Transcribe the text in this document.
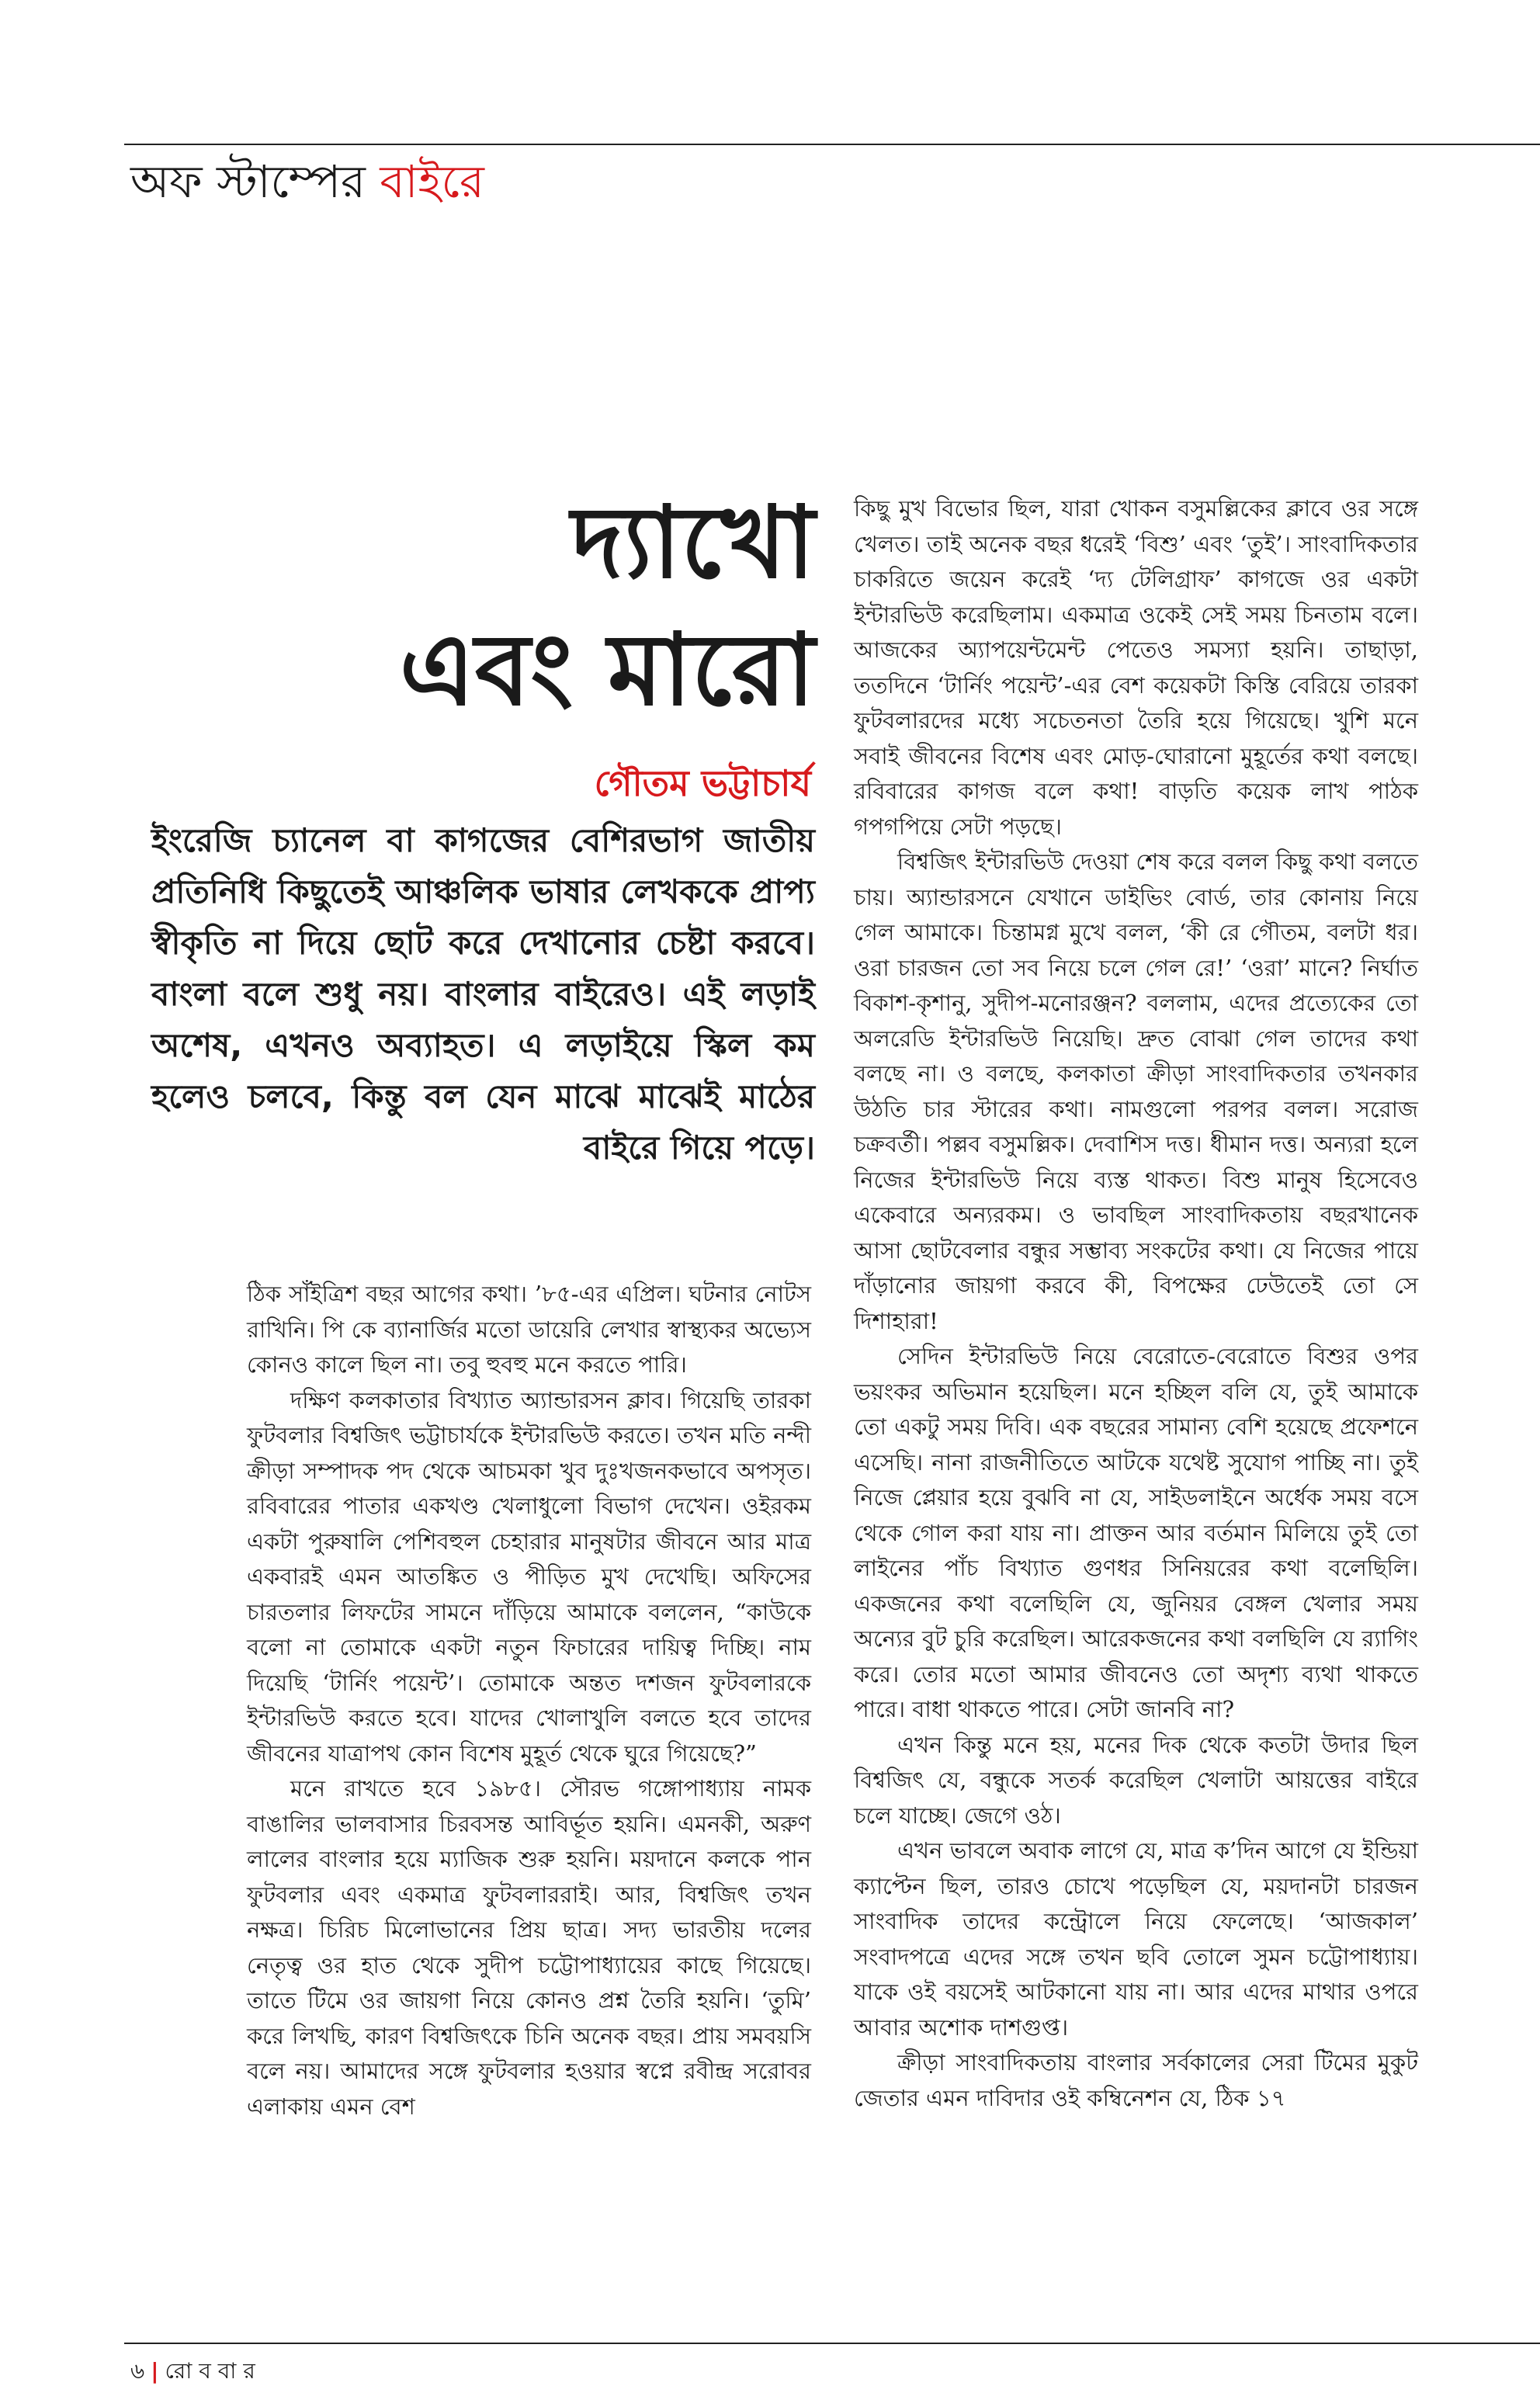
অফ স্টাম্পের বাইরে
দ্যাখো
এবং মারো
গৌতম ভট্টাচার্য
ইংরেজি চ্যানেল বা কাগজের বেশিরভাগ জাতীয় প্রতিনিধি কিছুতেই আঞ্চলিক ভাষার লেখককে প্রাপ্য স্বীকৃতি না দিয়ে ছোট করে দেখানোর চেষ্টা করবে। বাংলা বলে শুধু নয়। বাংলার বাইরেও। এই লড়াই অশেষ, এখনও অব্যাহত। এ লড়াইয়ে স্কিল কম হলেও চলবে, কিন্তু বল যেন মাঝে মাঝেই মাঠের বাইরে গিয়ে পড়ে।

ঠিক সাঁইত্রিশ বছর আগের কথা। ’৮৫-এর এপ্রিল। ঘটনার নোটস রাখিনি। পি কে ব্যানার্জির মতো ডায়েরি লেখার স্বাস্থ্যকর অভ্যেস কোনও কালে ছিল না। তবু হুবহু মনে করতে পারি।

দক্ষিণ কলকাতার বিখ্যাত অ্যান্ডারসন ক্লাব। গিয়েছি তারকা ফুটবলার বিশ্বজিৎ ভট্টাচার্যকে ইন্টারভিউ করতে। তখন মতি নন্দী ক্রীড়া সম্পাদক পদ থেকে আচমকা খুব দুঃখজনকভাবে অপসৃত। রবিবারের পাতার একখণ্ড খেলাধুলো বিভাগ দেখেন। ওইরকম একটা পুরুষালি পেশিবহুল চেহারার মানুষটার জীবনে আর মাত্র একবারই এমন আতঙ্কিত ও পীড়িত মুখ দেখেছি। অফিসের চারতলার লিফটের সামনে দাঁড়িয়ে আমাকে বললেন, “কাউকে বলো না তোমাকে একটা নতুন ফিচারের দায়িত্ব দিচ্ছি। নাম দিয়েছি ‘টার্নিং পয়েন্ট’। তোমাকে অন্তত দশজন ফুটবলারকে ইন্টারভিউ করতে হবে। যাদের খোলাখুলি বলতে হবে তাদের জীবনের যাত্রাপথ কোন বিশেষ মুহূর্ত থেকে ঘুরে গিয়েছে?”

মনে রাখতে হবে ১৯৮৫। সৌরভ গঙ্গোপাধ্যায় নামক বাঙালির ভালবাসার চিরবসন্ত আবির্ভূত হয়নি। এমনকী, অরুণ লালের বাংলার হয়ে ম্যাজিক শুরু হয়নি। ময়দানে কলকে পান ফুটবলার এবং একমাত্র ফুটবলাররাই। আর, বিশ্বজিৎ তখন নক্ষত্র। চিরিচ মিলোভানের প্রিয় ছাত্র। সদ্য ভারতীয় দলের নেতৃত্ব ওর হাত থেকে সুদীপ চট্টোপাধ্যায়ের কাছে গিয়েছে। তাতে টিমে ওর জায়গা নিয়ে কোনও প্রশ্ন তৈরি হয়নি। ‘তুমি’ করে লিখছি, কারণ বিশ্বজিৎকে চিনি অনেক বছর। প্রায় সমবয়সি বলে নয়। আমাদের সঙ্গে ফুটবলার হওয়ার স্বপ্নে রবীন্দ্র সরোবর এলাকায় এমন বেশ

কিছু মুখ বিভোর ছিল, যারা খোকন বসুমল্লিকের ক্লাবে ওর সঙ্গে খেলত। তাই অনেক বছর ধরেই ‘বিশু’ এবং ‘তুই’। সাংবাদিকতার চাকরিতে জয়েন করেই ‘দ্য টেলিগ্রাফ’ কাগজে ওর একটা ইন্টারভিউ করেছিলাম। একমাত্র ওকেই সেই সময় চিনতাম বলে। আজকের অ্যাপয়েন্টমেন্ট পেতেও সমস্যা হয়নি। তাছাড়া, ততদিনে ‘টার্নিং পয়েন্ট’-এর বেশ কয়েকটা কিস্তি বেরিয়ে তারকা ফুটবলারদের মধ্যে সচেতনতা তৈরি হয়ে গিয়েছে। খুশি মনে সবাই জীবনের বিশেষ এবং মোড়-ঘোরানো মুহূর্তের কথা বলছে। রবিবারের কাগজ বলে কথা! বাড়তি কয়েক লাখ পাঠক গপগপিয়ে সেটা পড়ছে।

বিশ্বজিৎ ইন্টারভিউ দেওয়া শেষ করে বলল কিছু কথা বলতে চায়। অ্যান্ডারসনে যেখানে ডাইভিং বোর্ড, তার কোনায় নিয়ে গেল আমাকে। চিন্তামগ্ন মুখে বলল, ‘কী রে গৌতম, বলটা ধর। ওরা চারজন তো সব নিয়ে চলে গেল রে!’ ‘ওরা’ মানে? নির্ঘাত বিকাশ-কৃশানু, সুদীপ-মনোরঞ্জন? বললাম, এদের প্রত্যেকের তো অলরেডি ইন্টারভিউ নিয়েছি। দ্রুত বোঝা গেল তাদের কথা বলছে না। ও বলছে, কলকাতা ক্রীড়া সাংবাদিকতার তখনকার উঠতি চার স্টারের কথা। নামগুলো পরপর বলল। সরোজ চক্রবর্তী। পল্লব বসুমল্লিক। দেবাশিস দত্ত। ধীমান দত্ত। অন্যরা হলে নিজের ইন্টারভিউ নিয়ে ব্যস্ত থাকত। বিশু মানুষ হিসেবেও একেবারে অন্যরকম। ও ভাবছিল সাংবাদিকতায় বছরখানেক আসা ছোটবেলার বন্ধুর সম্ভাব্য সংকটের কথা। যে নিজের পায়ে দাঁড়ানোর জায়গা করবে কী, বিপক্ষের ঢেউতেই তো সে দিশাহারা!

সেদিন ইন্টারভিউ নিয়ে বেরোতে-বেরোতে বিশুর ওপর ভয়ংকর অভিমান হয়েছিল। মনে হচ্ছিল বলি যে, তুই আমাকে তো একটু সময় দিবি। এক বছরের সামান্য বেশি হয়েছে প্রফেশনে এসেছি। নানা রাজনীতিতে আটকে যথেষ্ট সুযোগ পাচ্ছি না। তুই নিজে প্লেয়ার হয়ে বুঝবি না যে, সাইডলাইনে অর্ধেক সময় বসে থেকে গোল করা যায় না। প্রাক্তন আর বর্তমান মিলিয়ে তুই তো লাইনের পাঁচ বিখ্যাত গুণধর সিনিয়রের কথা বলেছিলি। একজনের কথা বলেছিলি যে, জুনিয়র বেঙ্গল খেলার সময় অন্যের বুট চুরি করেছিল। আরেকজনের কথা বলছিলি যে র‍্যাগিং করে। তোর মতো আমার জীবনেও তো অদৃশ্য ব্যথা থাকতে পারে। বাধা থাকতে পারে। সেটা জানবি না?

এখন কিন্তু মনে হয়, মনের দিক থেকে কতটা উদার ছিল বিশ্বজিৎ যে, বন্ধুকে সতর্ক করেছিল খেলাটা আয়ত্তের বাইরে চলে যাচ্ছে। জেগে ওঠ।

এখন ভাবলে অবাক লাগে যে, মাত্র ক’দিন আগে যে ইন্ডিয়া ক্যাপ্টেন ছিল, তারও চোখে পড়েছিল যে, ময়দানটা চারজন সাংবাদিক তাদের কন্ট্রোলে নিয়ে ফেলেছে। ‘আজকাল’ সংবাদপত্রে এদের সঙ্গে তখন ছবি তোলে সুমন চট্টোপাধ্যায়। যাকে ওই বয়সেই আটকানো যায় না। আর এদের মাথার ওপরে আবার অশোক দাশগুপ্ত।

ক্রীড়া সাংবাদিকতায় বাংলার সর্বকালের সেরা টিমের মুকুট জেতার এমন দাবিদার ওই কম্বিনেশন যে, ঠিক ১৭

৬ | রো ব বা র
